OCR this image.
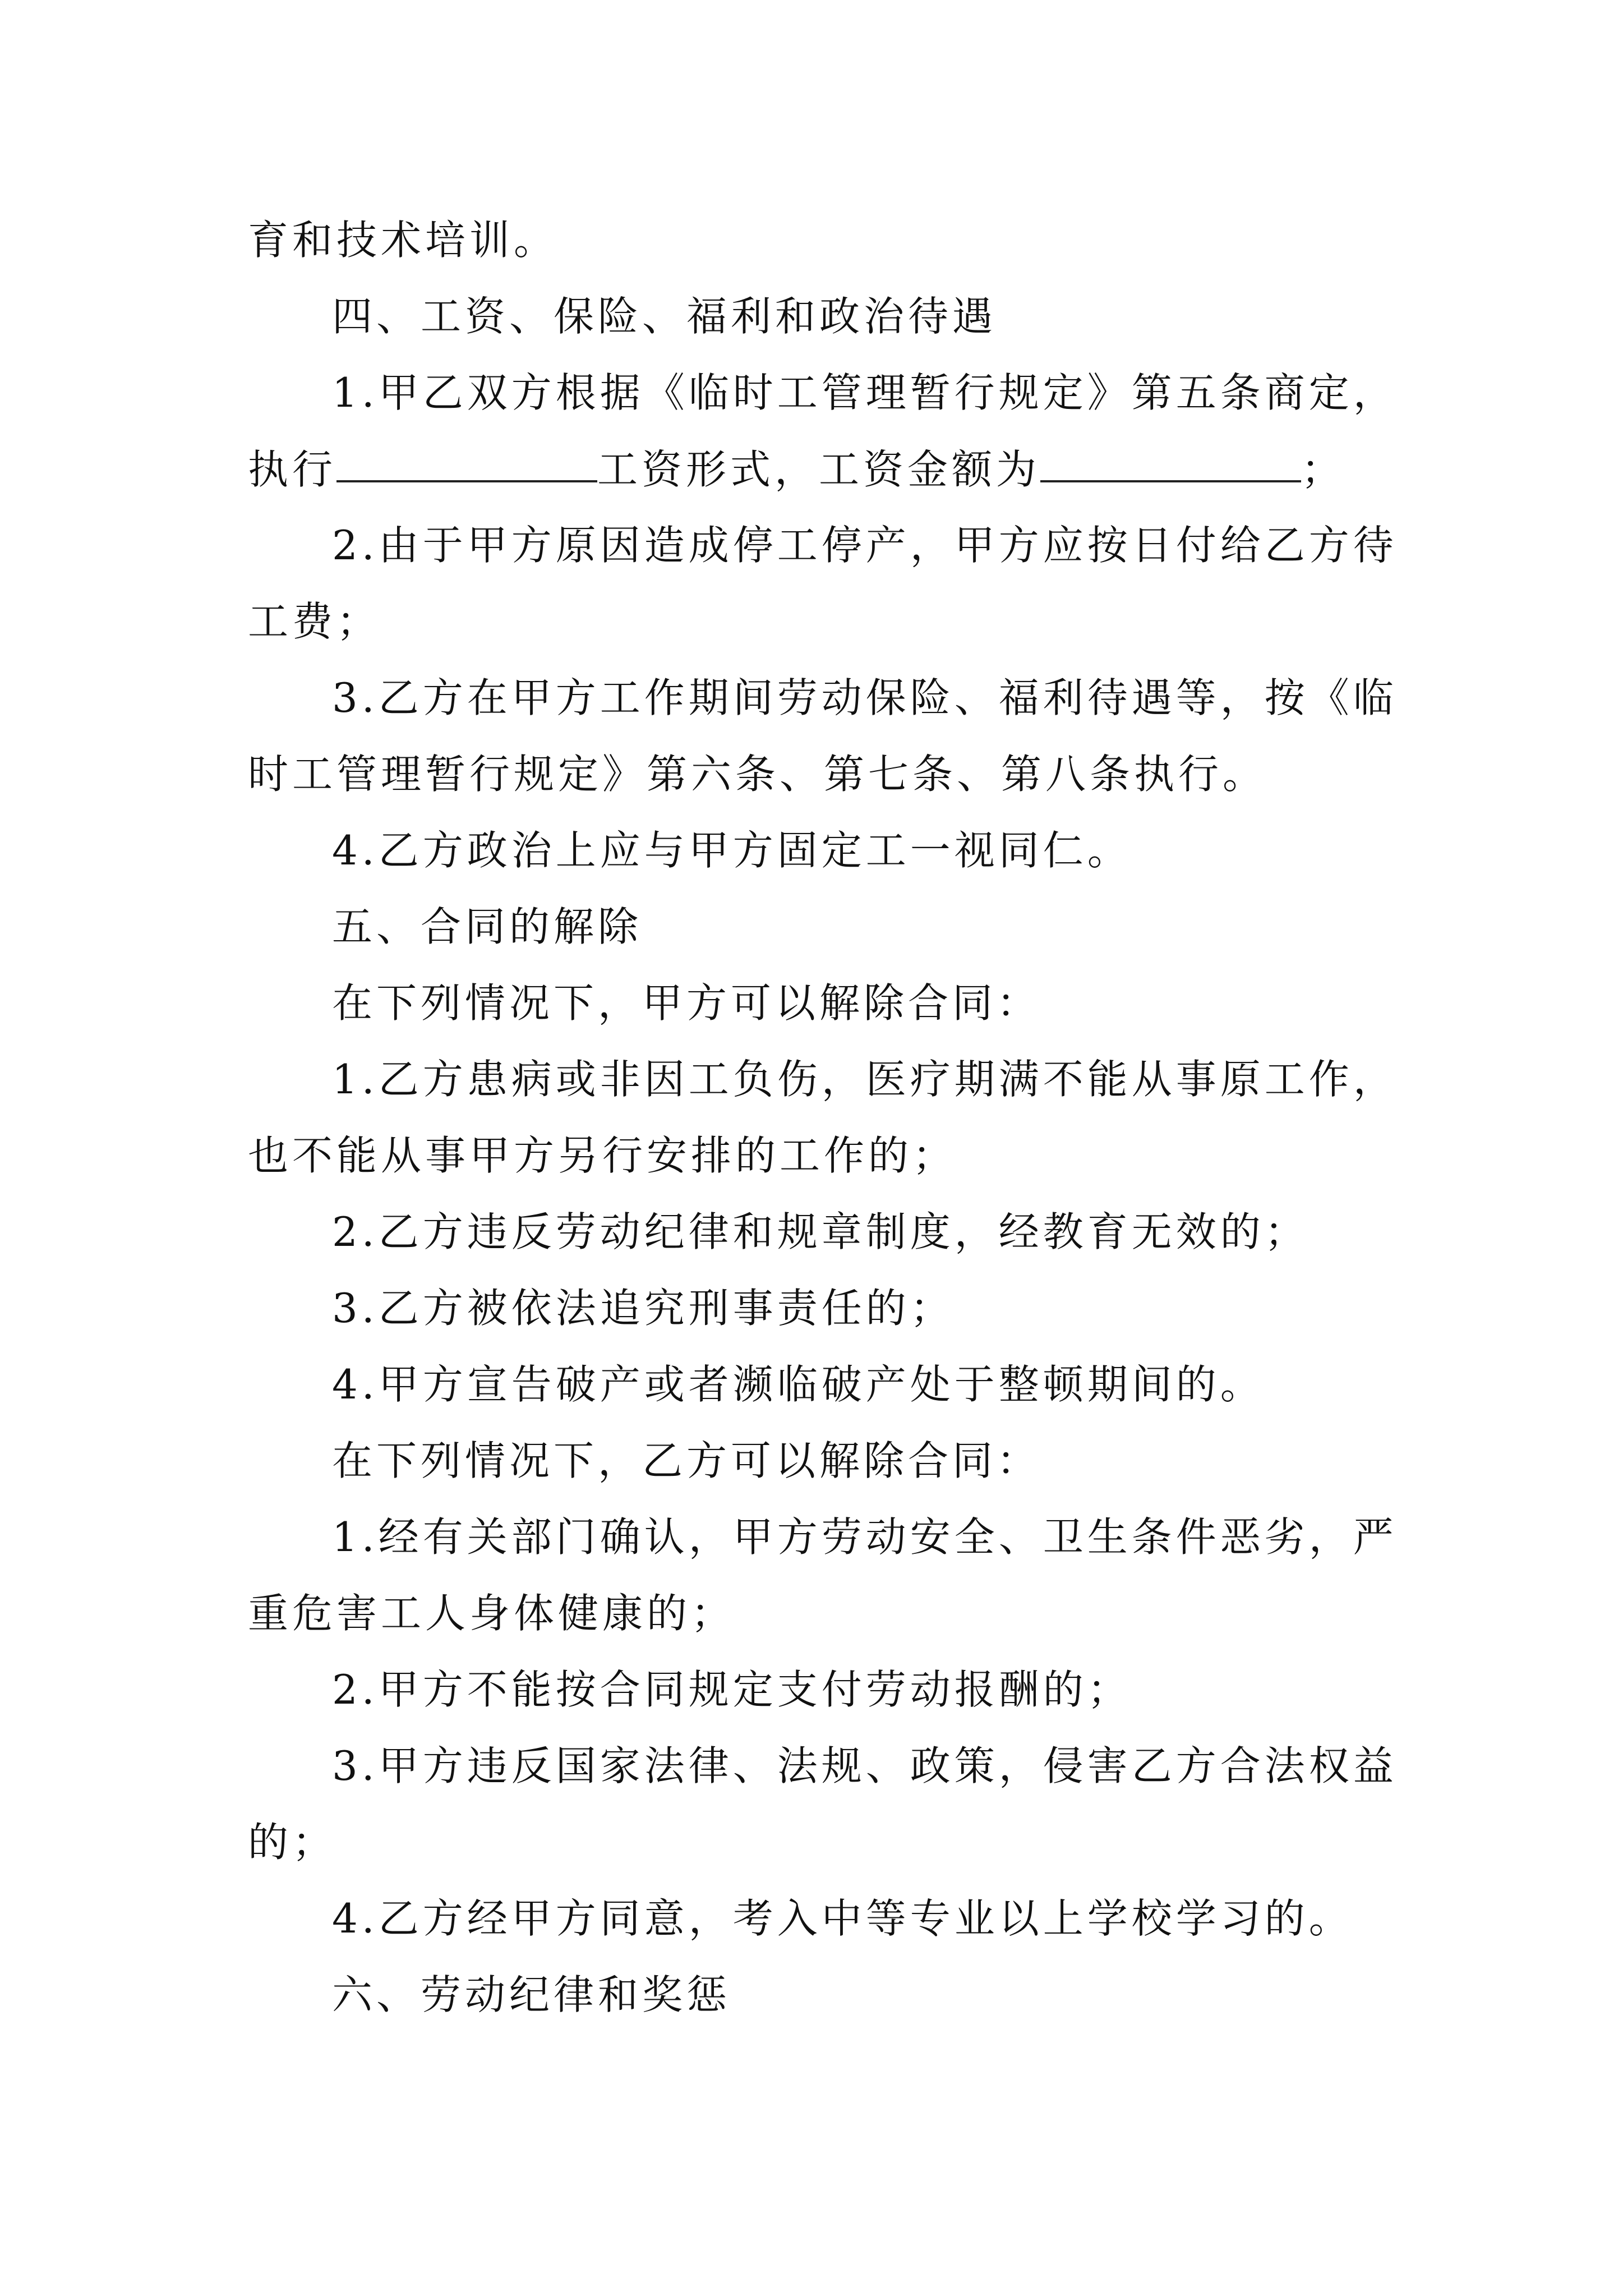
育和技术培训。
四、工资、保险、福利和政治待遇
1.甲乙双方根据《临时工管理暂行规定》第五条商定，
执行	工资形式，工资金额为	；
2.由于甲方原因造成停工停产，甲方应按日付给乙方待
工费；
3.乙方在甲方工作期间劳动保险、福利待遇等，按《临
时工管理暂行规定》第六条、第七条、第八条执行。
4.乙方政治上应与甲方固定工一视同仁。
五、合同的解除
在下列情况下，甲方可以解除合同：
1.乙方患病或非因工负伤，医疗期满不能从事原工作，
也不能从事甲方另行安排的工作的；
2.乙方违反劳动纪律和规章制度，经教育无效的；
3.乙方被依法追究刑事责任的；
4.甲方宣告破产或者濒临破产处于整顿期间的。
在下列情况下，乙方可以解除合同：
1.经有关部门确认，甲方劳动安全、卫生条件恶劣，严
重危害工人身体健康的；
2.甲方不能按合同规定支付劳动报酬的；
3.甲方违反国家法律、法规、政策，侵害乙方合法权益
的；
4.乙方经甲方同意，考入中等专业以上学校学习的。
六、劳动纪律和奖惩
